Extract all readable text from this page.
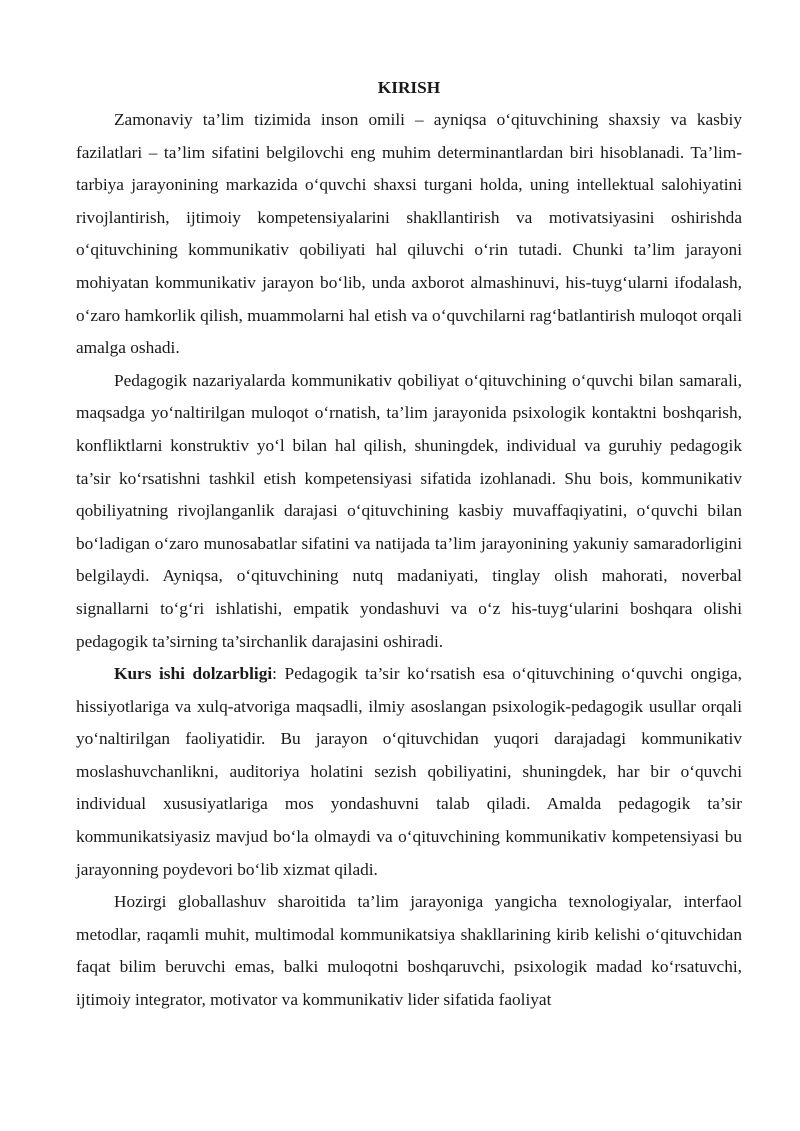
KIRISH

Zamonaviy ta’lim tizimida inson omili – ayniqsa o‘qituvchining shaxsiy va kasbiy fazilatlari – ta’lim sifatini belgilovchi eng muhim determinantlardan biri hisoblanadi. Ta’lim-tarbiya jarayonining markazida o‘quvchi shaxsi turgani holda, uning intellektual salohiyatini rivojlantirish, ijtimoiy kompetensiyalarini shakllantirish va motivatsiyasini oshirishda o‘qituvchining kommunikativ qobiliyati hal qiluvchi o‘rin tutadi. Chunki ta’lim jarayoni mohiyatan kommunikativ jarayon bo‘lib, unda axborot almashinuvi, his-tuyg‘ularni ifodalash, o‘zaro hamkorlik qilish, muammolarni hal etish va o‘quvchilarni rag‘batlantirish muloqot orqali amalga oshadi.

Pedagogik nazariyalarda kommunikativ qobiliyat o‘qituvchining o‘quvchi bilan samarali, maqsadga yo‘naltirilgan muloqot o‘rnatish, ta’lim jarayonida psixologik kontaktni boshqarish, konfliktlarni konstruktiv yo‘l bilan hal qilish, shuningdek, individual va guruhiy pedagogik ta’sir ko‘rsatishni tashkil etish kompetensiyasi sifatida izohlanadi. Shu bois, kommunikativ qobiliyatning rivojlanganlik darajasi o‘qituvchining kasbiy muvaffaqiyatini, o‘quvchi bilan bo‘ladigan o‘zaro munosabatlar sifatini va natijada ta’lim jarayonining yakuniy samaradorligini belgilaydi. Ayniqsa, o‘qituvchining nutq madaniyati, tinglay olish mahorati, noverbal signallarni to‘g‘ri ishlatishi, empatik yondashuvi va o‘z his-tuyg‘ularini boshqara olishi pedagogik ta’sirning ta’sirchanlik darajasini oshiradi.

Kurs ishi dolzarbligi: Pedagogik ta’sir ko‘rsatish esa o‘qituvchining o‘quvchi ongiga, hissiyotlariga va xulq-atvoriga maqsadli, ilmiy asoslangan psixologik-pedagogik usullar orqali yo‘naltirilgan faoliyatidir. Bu jarayon o‘qituvchidan yuqori darajadagi kommunikativ moslashuvchanlikni, auditoriya holatini sezish qobiliyatini, shuningdek, har bir o‘quvchi individual xususiyatlariga mos yondashuvni talab qiladi. Amalda pedagogik ta’sir kommunikatsiyasiz mavjud bo‘la olmaydi va o‘qituvchining kommunikativ kompetensiyasi bu jarayonning poydevori bo‘lib xizmat qiladi.

Hozirgi globallashuv sharoitida ta’lim jarayoniga yangicha texnologiyalar, interfaol metodlar, raqamli muhit, multimodal kommunikatsiya shakllarining kirib kelishi o‘qituvchidan faqat bilim beruvchi emas, balki muloqotni boshqaruvchi, psixologik madad ko‘rsatuvchi, ijtimoiy integrator, motivator va kommunikativ lider sifatida faoliyat
